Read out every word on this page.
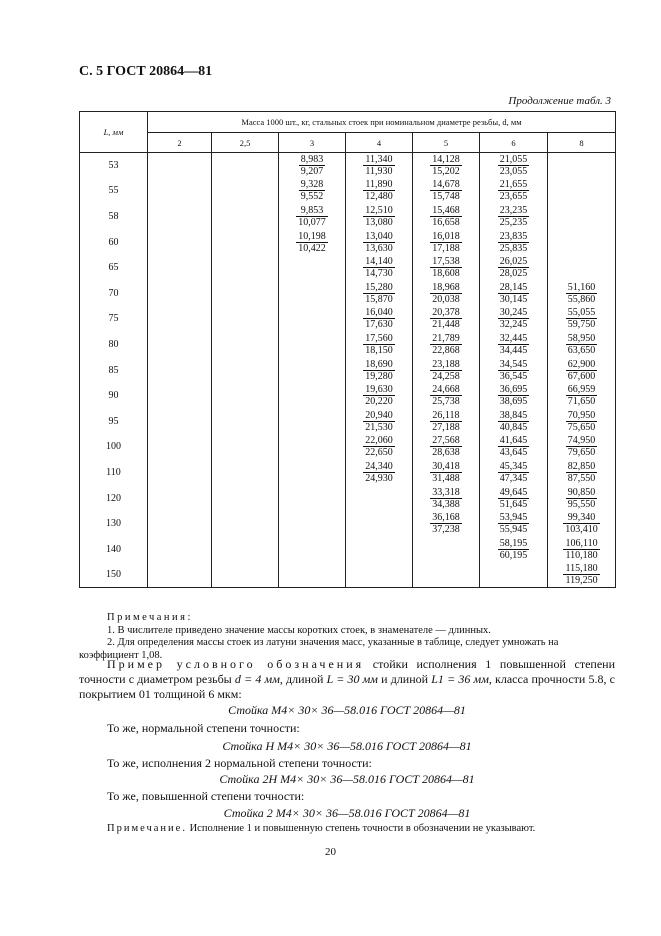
С. 5 ГОСТ 20864—81
Продолжение табл. 3
L, мм	Масса 1000 шт., кг, стальных стоек при номинальном диаметре резьбы, d, мм						
	2	2,5	3	4	5	6	8
53			$\frac{8,983}{9,207}$	$\frac{11,340}{11,930}$	$\frac{14,128}{15,202}$	$\frac{21,055}{23,055}$

55			$\frac{9,328}{9,552}$	$\frac{11,890}{12,480}$	$\frac{14,678}{15,748}$	$\frac{21,655}{23,655}$

58			$\frac{9,853}{10,077}$	$\frac{12,510}{13,080}$	$\frac{15,468}{16,658}$	$\frac{23,235}{25,235}$

60			$\frac{10,198}{10,422}$	$\frac{13,040}{13,630}$	$\frac{16,018}{17,188}$	$\frac{23,835}{25,835}$

65				$\frac{14,140}{14,730}$	$\frac{17,538}{18,608}$	$\frac{26,025}{28,025}$

70				$\frac{15,280}{15,870}$	$\frac{18,968}{20,038}$	$\frac{28,145}{30,145}$	$\frac{51,160}{55,860}$

75				$\frac{16,040}{17,630}$	$\frac{20,378}{21,448}$	$\frac{30,245}{32,245}$	$\frac{55,055}{59,750}$

80				$\frac{17,560}{18,150}$	$\frac{21,789}{22,868}$	$\frac{32,445}{34,445}$	$\frac{58,950}{63,650}$

85				$\frac{18,690}{19,280}$	$\frac{23,188}{24,258}$	$\frac{34,545}{36,545}$	$\frac{62,900}{67,600}$

90				$\frac{19,630}{20,220}$	$\frac{24,668}{25,738}$	$\frac{36,695}{38,695}$	$\frac{66,959}{71,650}$

95				$\frac{20,940}{21,530}$	$\frac{26,118}{27,188}$	$\frac{38,845}{40,845}$	$\frac{70,950}{75,650}$

100				$\frac{22,060}{22,650}$	$\frac{27,568}{28,638}$	$\frac{41,645}{43,645}$	$\frac{74,950}{79,650}$

110				$\frac{24,340}{24,930}$	$\frac{30,418}{31,488}$	$\frac{45,345}{47,345}$	$\frac{82,850}{87,550}$

120					$\frac{33,318}{34,388}$	$\frac{49,645}{51,645}$	$\frac{90,850}{95,550}$

130					$\frac{36,168}{37,238}$	$\frac{53,945}{55,945}$	$\frac{99,340}{103,410}$

140						$\frac{58,195}{60,195}$	$\frac{106,110}{110,180}$

150							$\frac{115,180}{119,250}$
Примечания:

1. В числителе приведено значение массы коротких стоек, в знаменателе — длинных.

2. Для определения массы стоек из латуни значения масс, указанные в таблице, следует умножать на коэффициент 1,08.

Пример условного обозначения стойки исполнения 1 повышенной степени точности с диаметром резьбы d = 4 мм, длиной L = 30 мм и длиной L1 = 36 мм, класса прочности 5.8, с покрытием 01 толщиной 6 мкм:
Стойка М4× 30× 36—58.016 ГОСТ 20864—81
То же, нормальной степени точности:
Стойка Н М4× 30× 36—58.016 ГОСТ 20864—81
То же, исполнения 2 нормальной степени точности:
Стойка 2Н М4× 30× 36—58.016 ГОСТ 20864—81
То же, повышенной степени точности:
Стойка 2 М4× 30× 36—58.016 ГОСТ 20864—81
Примечание. Исполнение 1 и повышенную степень точности в обозначении не указывают.
20
